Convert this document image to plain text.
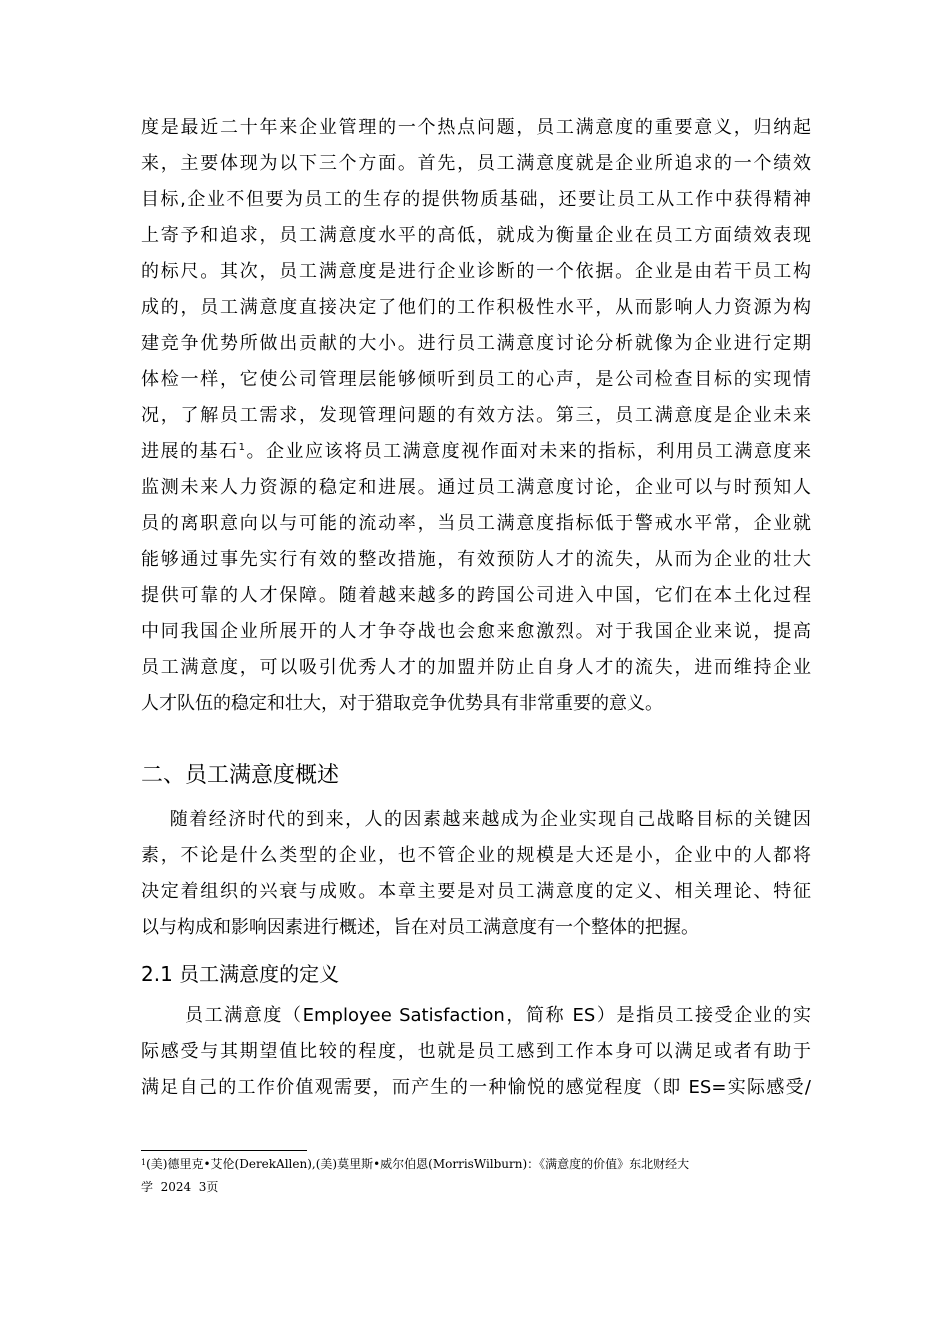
度是最近二十年来企业管理的一个热点问题，员工满意度的重要意义，归纳起
来，主要体现为以下三个方面。首先，员工满意度就是企业所追求的一个绩效
目标,企业不但要为员工的生存的提供物质基础，还要让员工从工作中获得精神
上寄予和追求，员工满意度水平的高低，就成为衡量企业在员工方面绩效表现
的标尺。其次，员工满意度是进行企业诊断的一个依据。企业是由若干员工构
成的，员工满意度直接决定了他们的工作积极性水平，从而影响人力资源为构
建竞争优势所做出贡献的大小。进行员工满意度讨论分析就像为企业进行定期
体检一样，它使公司管理层能够倾听到员工的心声，是公司检查目标的实现情
况，了解员工需求，发现管理问题的有效方法。第三，员工满意度是企业未来
进展的基石$^1$。企业应该将员工满意度视作面对未来的指标，利用员工满意度来
监测未来人力资源的稳定和进展。通过员工满意度讨论，企业可以与时预知人
员的离职意向以与可能的流动率，当员工满意度指标低于警戒水平常，企业就
能够通过事先实行有效的整改措施，有效预防人才的流失，从而为企业的壮大
提供可靠的人才保障。随着越来越多的跨国公司进入中国，它们在本土化过程
中同我国企业所展开的人才争夺战也会愈来愈激烈。对于我国企业来说，提高
员工满意度，可以吸引优秀人才的加盟并防止自身人才的流失，进而维持企业
人才队伍的稳定和壮大，对于猎取竞争优势具有非常重要的意义。
二、员工满意度概述
随着经济时代的到来，人的因素越来越成为企业实现自己战略目标的关键因
素，不论是什么类型的企业，也不管企业的规模是大还是小，企业中的人都将
决定着组织的兴衰与成败。本章主要是对员工满意度的定义、相关理论、特征
以与构成和影响因素进行概述，旨在对员工满意度有一个整体的把握。
2.1 员工满意度的定义
员工满意度（Employee Satisfaction，简称 ES）是指员工接受企业的实
际感受与其期望值比较的程度，也就是员工感到工作本身可以满足或者有助于
满足自己的工作价值观需要，而产生的一种愉悦的感觉程度（即 ES=实际感受/
$^1$(美)德里克•艾伦(DerekAllen),(美)莫里斯•威尔伯恩(MorrisWilburn)：《满意度的价值》东北财经大
学  2024  3页
